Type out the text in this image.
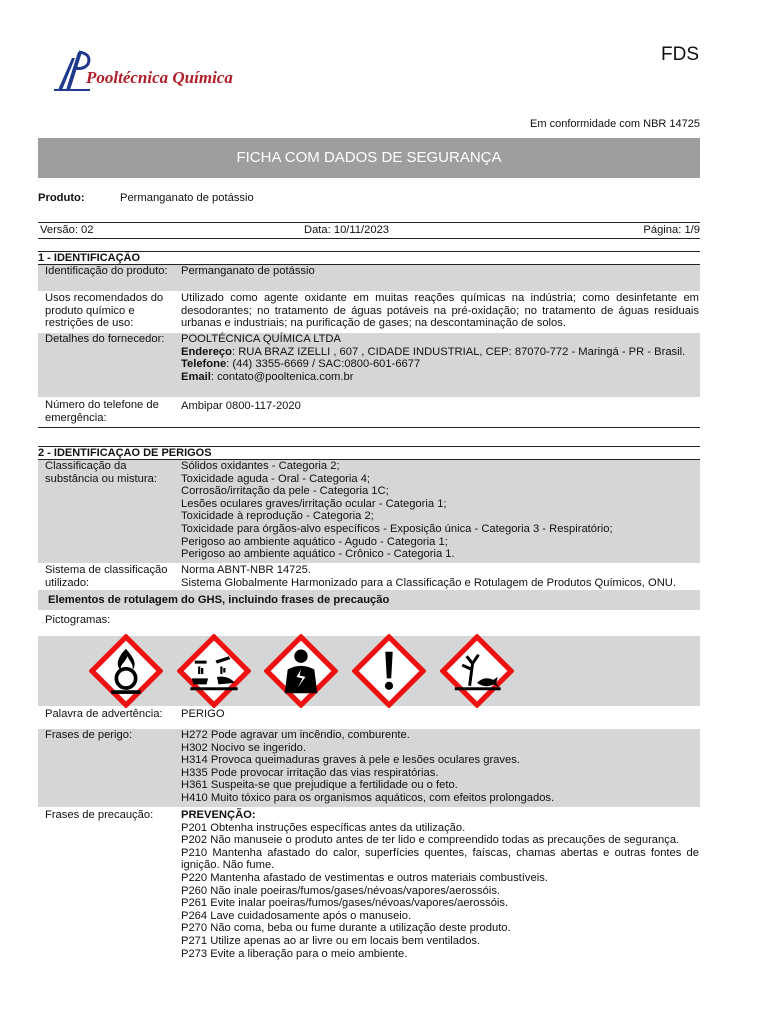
Pooltécnica Química
FDS
Em conformidade com NBR 14725
FICHA COM DADOS DE SEGURANÇA
Produto:	Permanganato de potássio
Versão: 02	Data: 10/11/2023	Página: 1/9
1 - IDENTIFICAÇÃO
Identificação do produto:	Permanganato de potássio
Usos recomendados do produto químico e restrições de uso:
Utilizado como agente oxidante em muitas reações químicas na indústria; como desinfetante em desodorantes; no tratamento de águas potáveis na pré-oxidação; no tratamento de águas residuais urbanas e industriais; na purificação de gases; na descontaminação de solos.
Detalhes do fornecedor:	POOLTÉCNICA QUÍMICA LTDA

Endereço: RUA BRAZ IZELLI , 607 , CIDADE INDUSTRIAL, CEP: 87070-772 - Maringá - PR - Brasil.

Telefone: (44) 3355-6669 / SAC:0800-601-6677

Email: contato@pooltenica.com.br

Número do telefone de emergência:
Ambipar 0800-117-2020
2 - IDENTIFICAÇAO DE PERIGOS
Classificação da substância ou mistura:

Sólidos oxidantes - Categoria 2;

Toxicidade aguda - Oral - Categoria 4;

Corrosão/irritação da pele - Categoria 1C;

Lesões oculares graves/irritação ocular - Categoria 1;

Toxicidade à reprodução - Categoria 2;

Toxicidade para órgãos-alvo específicos - Exposição única - Categoria 3 - Respiratório;

Perigoso ao ambiente aquático - Agudo - Categoria 1;

Perigoso ao ambiente aquático - Crônico - Categoria 1.

Sistema de classificação utilizado:

Norma ABNT-NBR 14725.

Sistema Globalmente Harmonizado para a Classificação e Rotulagem de Produtos Químicos, ONU.

Elementos de rotulagem do GHS, incluindo frases de precaução
Pictogramas:
Palavra de advertência:	PERIGO
Frases de perigo:	H272 Pode agravar um incêndio, comburente.

H302 Nocivo se ingerido.

H314 Provoca queimaduras graves à pele e lesões oculares graves.

H335 Pode provocar irritação das vias respiratórias.

H361 Suspeita-se que prejudique a fertilidade ou o feto.

H410 Muito tóxico para os organismos aquáticos, com efeitos prolongados.

Frases de precaução:	PREVENÇÃO:

P201 Obtenha instruções específicas antes da utilização.

P202 Não manuseie o produto antes de ter lido e compreendido todas as precauções de segurança.

P210 Mantenha afastado do calor, superfícies quentes, faíscas, chamas abertas e outras fontes de ignição. Não fume.

P220 Mantenha afastado de vestimentas e outros materiais combustíveis.

P260 Não inale poeiras/fumos/gases/névoas/vapores/aerossóis.

P261 Evite inalar poeiras/fumos/gases/névoas/vapores/aerossóis.

P264 Lave cuidadosamente após o manuseio.

P270 Não coma, beba ou fume durante a utilização deste produto.

P271 Utilize apenas ao ar livre ou em locais bem ventilados.

P273 Evite a liberação para o meio ambiente.
